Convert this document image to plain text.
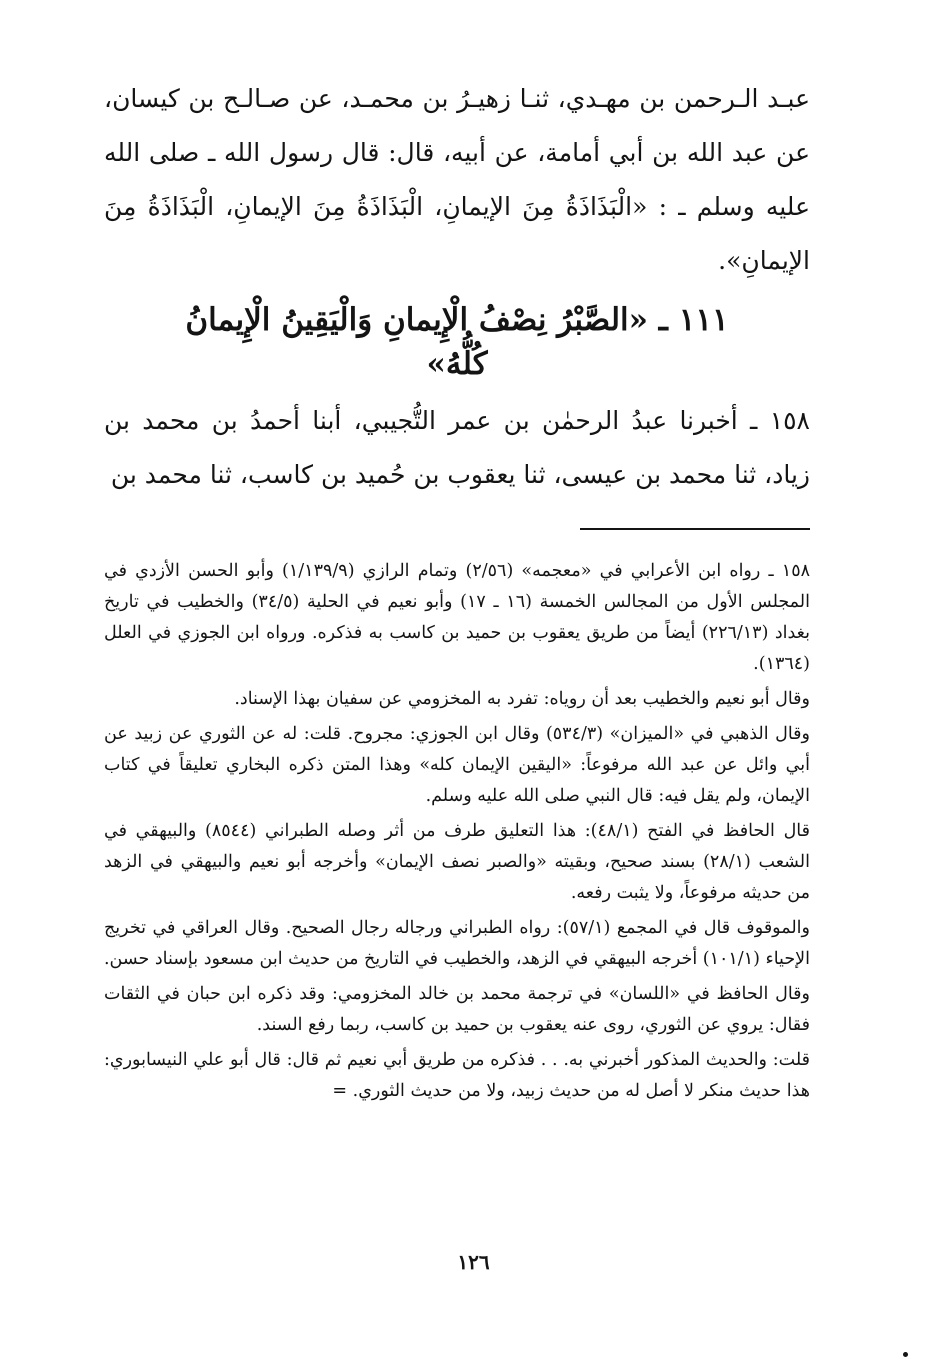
عبـد الـرحمن بن مهـدي، ثنـا زهيـرُ بن محمـد، عن صـالـح بن كيسان، عن عبد الله بن أبي أمامة، عن أبيه، قال: قال رسول الله ـ صلى الله عليه وسلم ـ : «الْبَذَاذَةُ مِنَ الإيمانِ، الْبَذَاذَةُ مِنَ الإيمانِ، الْبَذَاذَةُ مِنَ الإيمانِ».

١١١ ـ «الصَّبْرُ نِصْفُ الْإِيمانِ وَالْيَقِينُ الْإِيمانُ
كُلُّهُ»

١٥٨ ـ أخبرنا عبدُ الرحمٰن بن عمر التُّجيبي، أبنا أحمدُ بن محمد بن زياد، ثنا محمد بن عيسى، ثنا يعقوب بن حُميد بن كاسب، ثنا محمد بن

١٥٨ ـ رواه ابن الأعرابي في «معجمه» (٢/٥٦) وتمام الرازي (١/١٣٩/٩) وأبو الحسن الأزدي في المجلس الأول من المجالس الخمسة (١٦ ـ ١٧) وأبو نعيم في الحلية (٣٤/٥) والخطيب في تاريخ بغداد (٢٢٦/١٣) أيضاً من طريق يعقوب بن حميد بن كاسب به فذكره. ورواه ابن الجوزي في العلل (١٣٦٤).

وقال أبو نعيم والخطيب بعد أن روياه: تفرد به المخزومي عن سفيان بهذا الإسناد.

وقال الذهبي في «الميزان» (٥٣٤/٣) وقال ابن الجوزي: مجروح. قلت: له عن الثوري عن زبيد عن أبي وائل عن عبد الله مرفوعاً: «اليقين الإيمان كله» وهذا المتن ذكره البخاري تعليقاً في كتاب الإيمان، ولم يقل فيه: قال النبي صلى الله عليه وسلم.

قال الحافظ في الفتح (٤٨/١): هذا التعليق طرف من أثر وصله الطبراني (٨٥٤٤) والبيهقي في الشعب (٢٨/١) بسند صحيح، وبقيته «والصبر نصف الإيمان» وأخرجه أبو نعيم والبيهقي في الزهد من حديثه مرفوعاً، ولا يثبت رفعه.

والموقوف قال في المجمع (٥٧/١): رواه الطبراني ورجاله رجال الصحيح. وقال العراقي في تخريج الإحياء (١٠١/١) أخرجه البيهقي في الزهد، والخطيب في التاريخ من حديث ابن مسعود بإسناد حسن.

وقال الحافظ في «اللسان» في ترجمة محمد بن خالد المخزومي: وقد ذكره ابن حبان في الثقات فقال: يروي عن الثوري، روى عنه يعقوب بن حميد بن كاسب، ربما رفع السند.

قلت: والحديث المذكور أخبرني به. . . فذكره من طريق أبي نعيم ثم قال: قال أبو علي النيسابوري: هذا حديث منكر لا أصل له من حديث زبيد، ولا من حديث الثوري. =

١٢٦
